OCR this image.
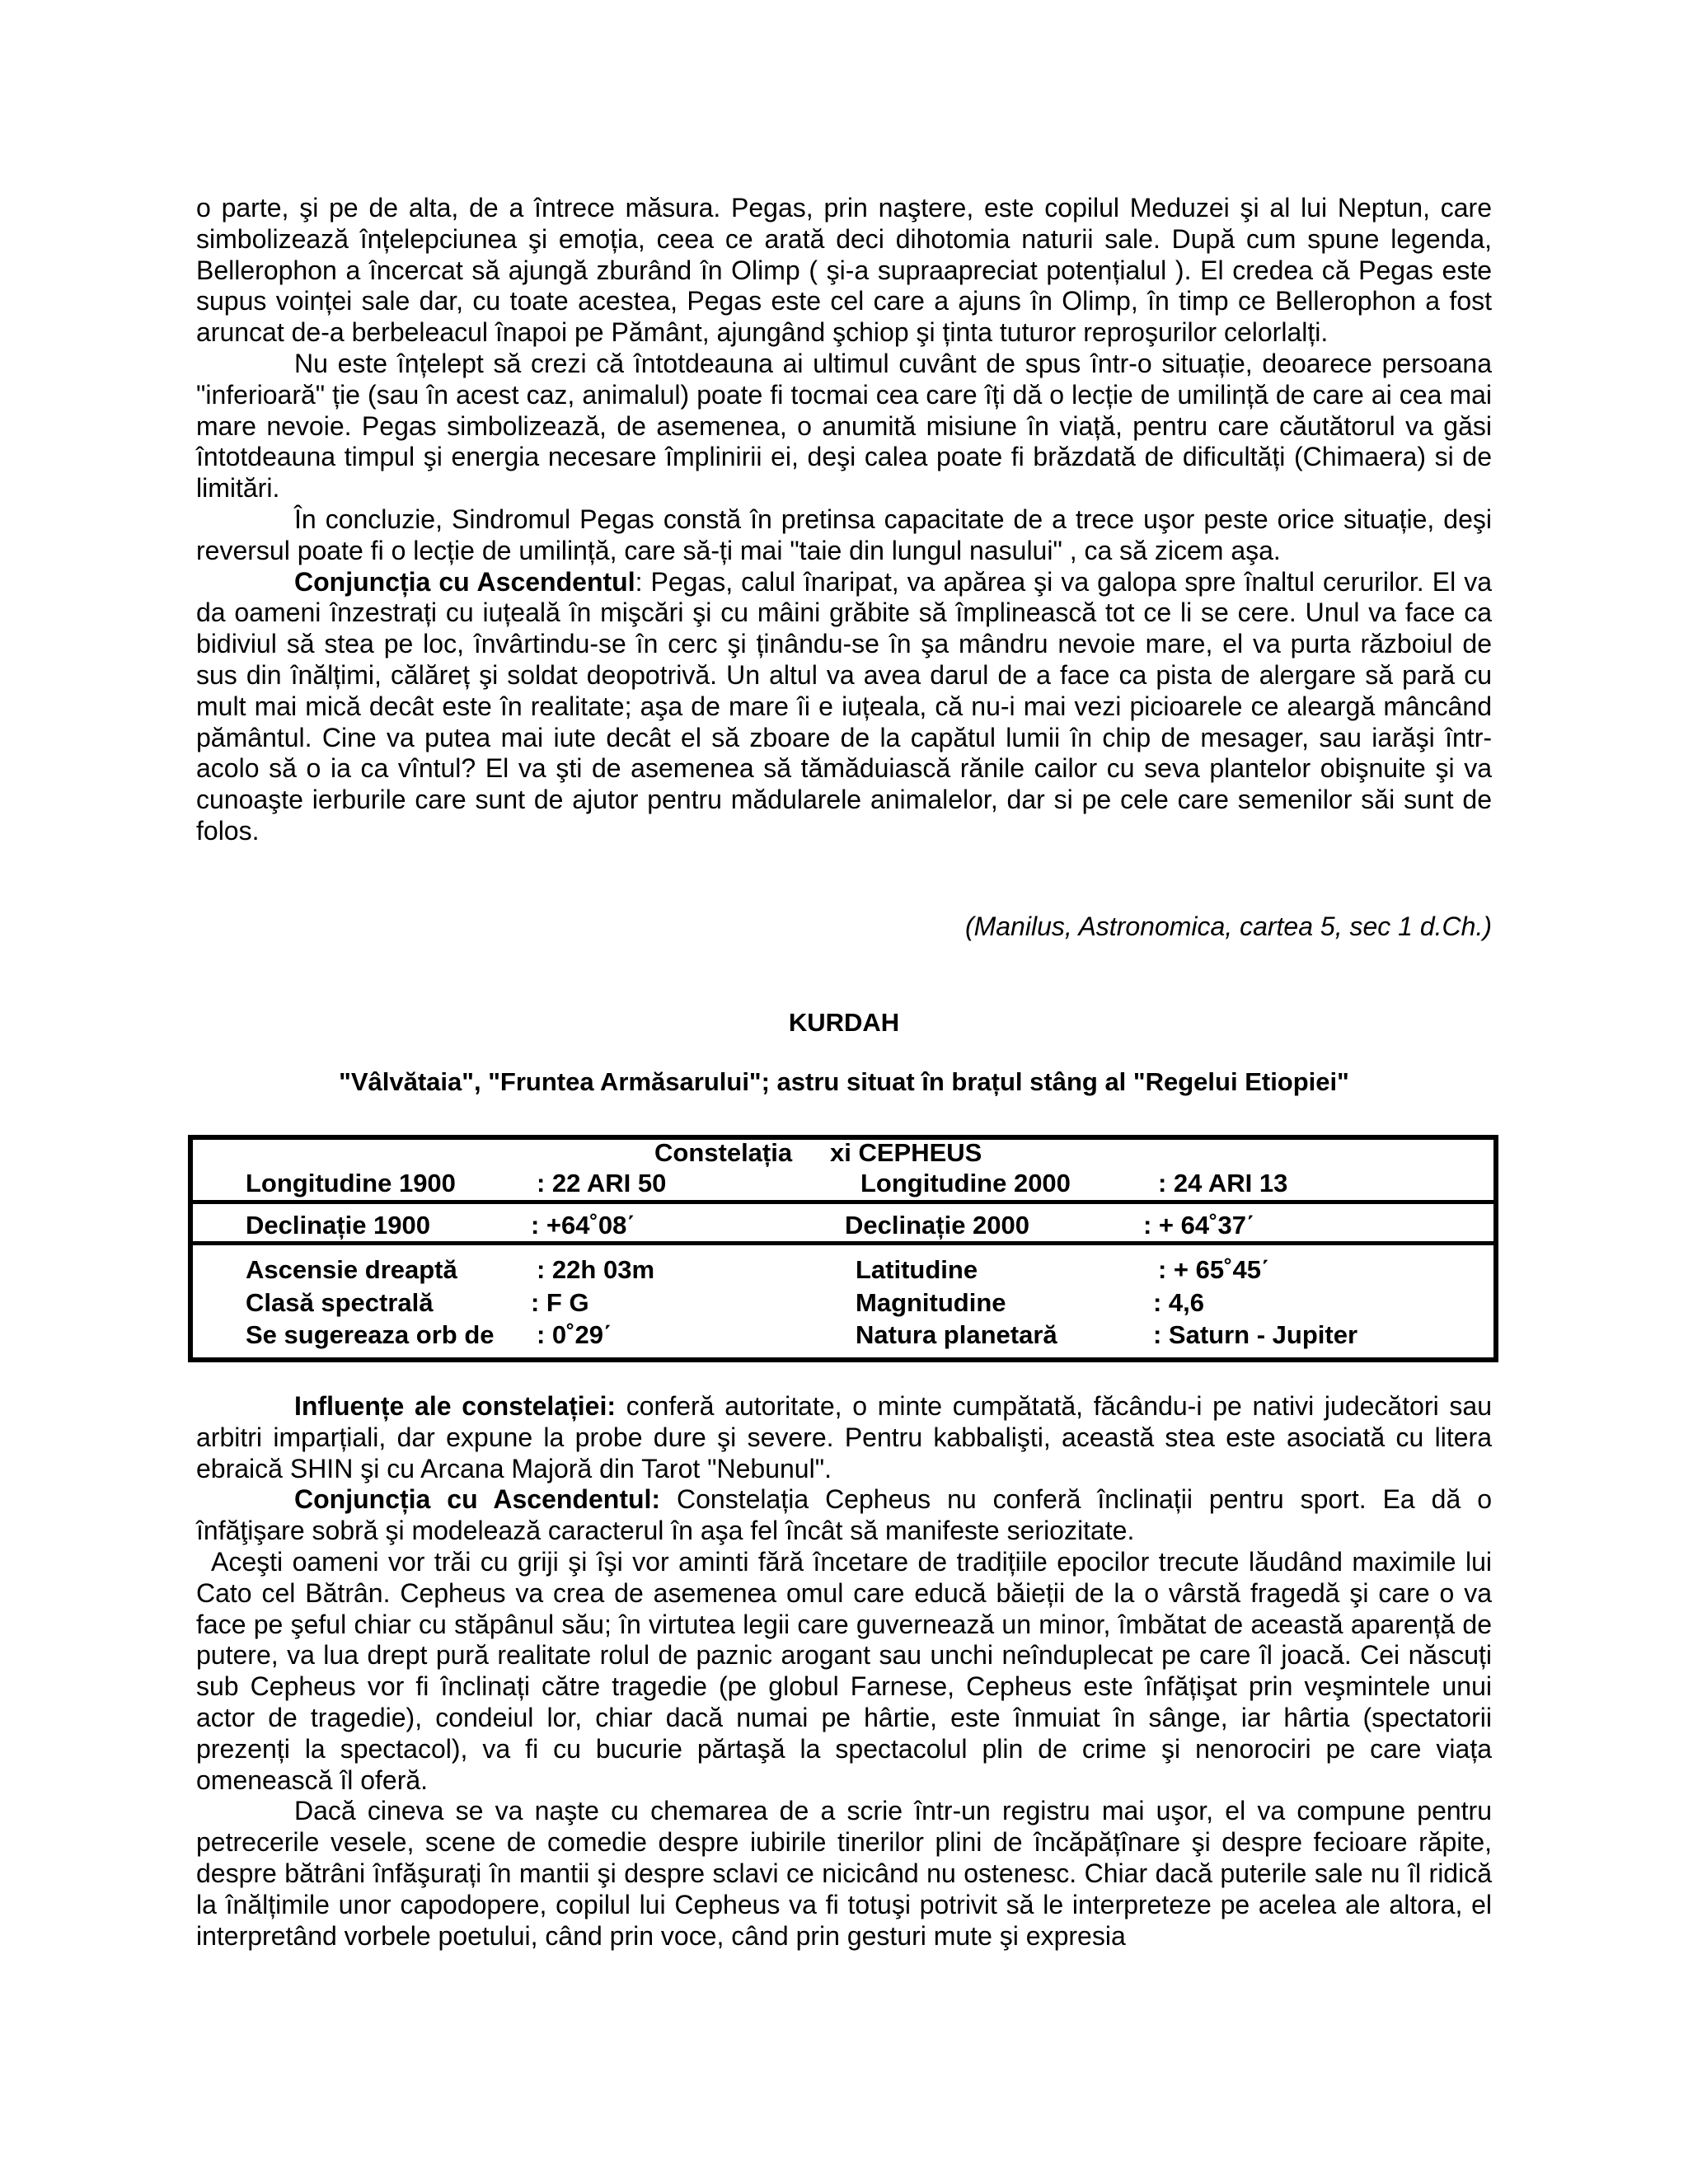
o parte, şi pe de alta, de a întrece măsura. Pegas, prin naştere, este copilul Meduzei şi al lui Neptun, care simbolizează înțelepciunea şi emoția, ceea ce arată deci dihotomia naturii sale. După cum spune legenda, Bellerophon a încercat să ajungă zburând în Olimp ( şi-a supraapreciat potențialul ). El credea că Pegas este supus voinței sale dar, cu toate acestea, Pegas este cel care a ajuns în Olimp, în timp ce Bellerophon a fost aruncat de-a berbeleacul înapoi pe Pământ, ajungând şchiop şi ținta tuturor reproşurilor celorlalți.

Nu este înțelept să crezi că întotdeauna ai ultimul cuvânt de spus într-o situație, deoarece persoana "inferioară" ție (sau în acest caz, animalul) poate fi tocmai cea care îți dă o lecție de umilință de care ai cea mai mare nevoie. Pegas simbolizează, de asemenea, o anumită misiune în viață, pentru care căutătorul va găsi întotdeauna timpul şi energia necesare împlinirii ei, deşi calea poate fi brăzdată de dificultăți (Chimaera) si de limitări.

În concluzie, Sindromul Pegas constă în pretinsa capacitate de a trece uşor peste orice situație, deşi reversul poate fi o lecție de umilință, care să-ți mai "taie din lungul nasului" , ca să zicem aşa.

Conjuncția cu Ascendentul: Pegas, calul înaripat, va apărea şi va galopa spre înaltul cerurilor. El va da oameni înzestrați cu iuțeală în mişcări şi cu mâini grăbite să împlinească tot ce li se cere. Unul va face ca bidiviul să stea pe loc, învârtindu-se în cerc şi ținându-se în şa mândru nevoie mare, el va purta războiul de sus din înălțimi, călăreț şi soldat deopotrivă. Un altul va avea darul de a face ca pista de alergare să pară cu mult mai mică decât este în realitate; aşa de mare îi e iuțeala, că nu-i mai vezi picioarele ce aleargă mâncând pământul. Cine va putea mai iute decât el să zboare de la capătul lumii în chip de mesager, sau iarăşi într-acolo să o ia ca vîntul? El va şti de asemenea să tămăduiască rănile cailor cu seva plantelor obişnuite şi va cunoaşte ierburile care sunt de ajutor pentru mădularele animalelor, dar si pe cele care semenilor săi sunt de folos.

(Manilus, Astronomica, cartea 5, sec 1 d.Ch.)
KURDAH
"Vâlvătaia", "Fruntea Armăsarului"; astru situat în brațul stâng al "Regelui Etiopiei"
Constelația xi CEPHEUS
Longitudine 1900	: 22 ARI 50	Longitudine 2000	: 24 ARI 13
Declinație 1900	: +64˚08΄	Declinație 2000	: + 64˚37΄
Ascensie dreaptă	: 22h 03m	Latitudine	: + 65˚45΄
Clasă spectrală	: F G	Magnitudine	: 4,6
Se sugereaza orb de : 0˚29΄	Natura planetară	: Saturn - Jupiter

Influențe ale constelației: conferă autoritate, o minte cumpătată, făcându-i pe nativi judecători sau arbitri imparțiali, dar expune la probe dure şi severe. Pentru kabbalişti, această stea este asociată cu litera ebraică SHIN şi cu Arcana Majoră din Tarot "Nebunul".

Conjuncția cu Ascendentul: Constelația Cepheus nu conferă înclinații pentru sport. Ea dă o înfăţişare sobră şi modelează caracterul în aşa fel încât să manifeste seriozitate.

Aceşti oameni vor trăi cu griji şi îşi vor aminti fără încetare de tradițiile epocilor trecute lăudând maximile lui Cato cel Bătrân. Cepheus va crea de asemenea omul care educă băieții de la o vârstă fragedă şi care o va face pe şeful chiar cu stăpânul său; în virtutea legii care guvernează un minor, îmbătat de această aparență de putere, va lua drept pură realitate rolul de paznic arogant sau unchi neînduplecat pe care îl joacă. Cei născuți sub Cepheus vor fi înclinați către tragedie (pe globul Farnese, Cepheus este înfățişat prin veşmintele unui actor de tragedie), condeiul lor, chiar dacă numai pe hârtie, este înmuiat în sânge, iar hârtia (spectatorii prezenți la spectacol), va fi cu bucurie părtaşă la spectacolul plin de crime şi nenorociri pe care viața omenească îl oferă.

Dacă cineva se va naşte cu chemarea de a scrie într-un registru mai uşor, el va compune pentru petrecerile vesele, scene de comedie despre iubirile tinerilor plini de încăpățînare şi despre fecioare răpite, despre bătrâni înfăşurați în mantii şi despre sclavi ce nicicând nu ostenesc. Chiar dacă puterile sale nu îl ridică la înălțimile unor capodopere, copilul lui Cepheus va fi totuşi potrivit să le interpreteze pe acelea ale altora, el interpretând vorbele poetului, când prin voce, când prin gesturi mute şi expresia
